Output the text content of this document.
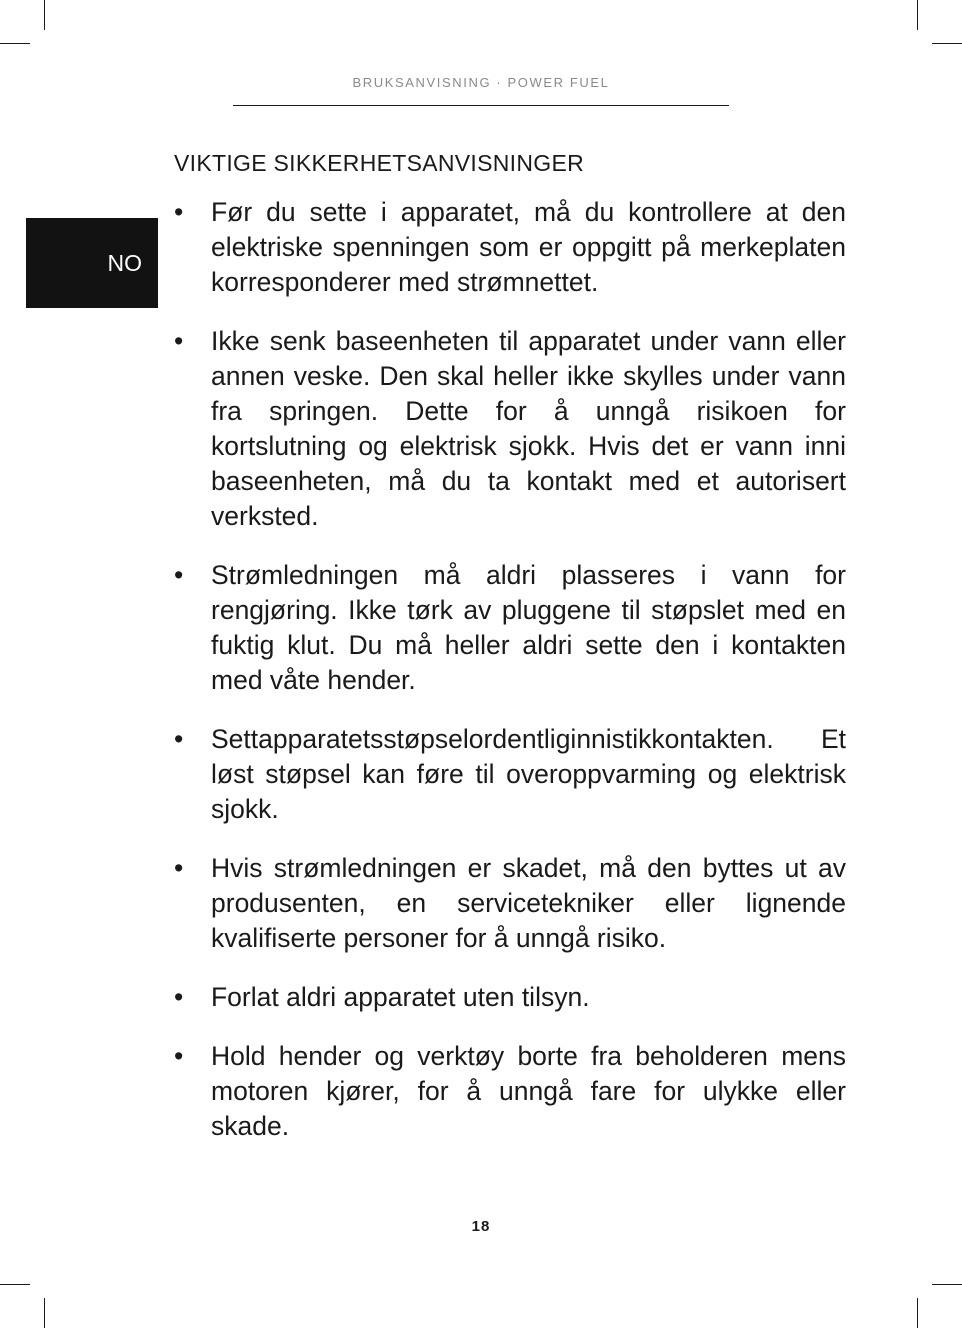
BRUKSANVISNING · POWER FUEL
NO
VIKTIGE SIKKERHETSANVISNINGER
• Før du sette i apparatet, må du kontrollere at den elektriske spenningen som er oppgitt på merkeplaten korresponderer med strømnettet.
• Ikke senk baseenheten til apparatet under vann eller annen veske. Den skal heller ikke skylles under vann fra springen. Dette for å unngå risikoen for kortslutning og elektrisk sjokk. Hvis det er vann inni baseenheten, må du ta kontakt med et autorisert verksted.
• Strømledningen må aldri plasseres i vann for rengjøring. Ikke tørk av pluggene til støpslet med en fuktig klut. Du må heller aldri sette den i kontakten med våte hender.
• Settapparatetsstøpselordentliginnistikkontakten. Et løst støpsel kan føre til overoppvarming og elektrisk sjokk.
• Hvis strømledningen er skadet, må den byttes ut av produsenten, en servicetekniker eller lignende kvalifiserte personer for å unngå risiko.
• Forlat aldri apparatet uten tilsyn.
• Hold hender og verktøy borte fra beholderen mens motoren kjører, for å unngå fare for ulykke eller skade.
18
